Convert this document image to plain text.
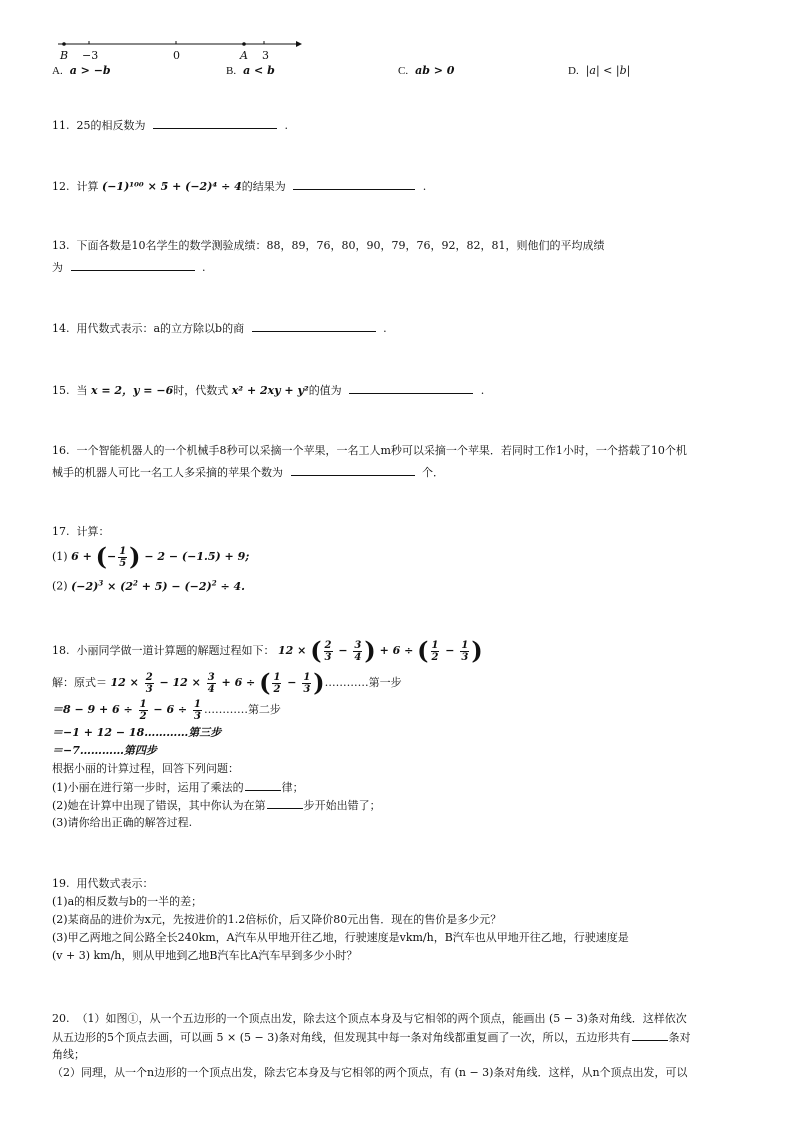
B −3	0	A 3
A. a > −b	B. a < b	C. ab > 0	D. |a| < |b|
11. 25的相反数为	.
12. 计算 (−1)¹⁰⁰ × 5 + (−2)⁴ ÷ 4的结果为	.
13. 下面各数是10名学生的数学测验成绩：88，89，76，80，90，79，76，92，82，81，则他们的平均成绩
为	.
14. 用代数式表示：a的立方除以b的商	.
15. 当 x = 2，y = −6时，代数式 x² + 2xy + y²的值为	.
16. 一个智能机器人的一个机械手8秒可以采摘一个苹果，一名工人m秒可以采摘一个苹果．若同时工作1小时，一个搭载了10个机
械手的机器人可比一名工人多采摘的苹果个数为	个．
17. 计算：
(1) 6 + (− $\frac{1}{5}$ ) − 2 − (−1.5) + 9;
(2) $(-2)^3 \times (2^2 + 5) - (-2)^2 \div 4$.
18. 小丽同学做一道计算题的解题过程如下： 12 × ( $\frac{2}{3} - \frac{3}{4}$ ) + 6 ÷ ( $\frac{1}{2} - \frac{1}{3}$ )
解：原式＝ $12 \times \frac{2}{3} - 12 \times \frac{3}{4} + 6$ ÷ ( $\frac{1}{2} - \frac{1}{3}$ )…………第一步
$=8 - 9 + 6 \div \frac{1}{2} - 6 \div \frac{1}{3}$ …………第二步
＝−1 + 12 − 18…………第三步
＝−7…………第四步
根据小丽的计算过程，回答下列问题：
(1)小丽在进行第一步时，运用了乘法的	律；
(2)她在计算中出现了错误，其中你认为在第	步开始出错了；
(3)请你给出正确的解答过程.
19. 用代数式表示：
(1)a的相反数与b的一半的差；
(2)某商品的进价为x元，先按进价的1.2倍标价，后又降价80元出售．现在的售价是多少元？
(3)甲乙两地之间公路全长240km，A汽车从甲地开往乙地，行驶速度是vkm/h，B汽车也从甲地开往乙地，行驶速度是
(v + 3) km/h，则从甲地到乙地B汽车比A汽车早到多少小时？
20. （1）如图①，从一个五边形的一个顶点出发，除去这个顶点本身及与它相邻的两个顶点，能画出 (5 − 3)条对角线．这样依次
从五边形的5个顶点去画，可以画 5 × (5 − 3)条对角线，但发现其中每一条对角线都重复画了一次，所以，五边形共有	条对
角线；
（2）同理，从一个n边形的一个顶点出发，除去它本身及与它相邻的两个顶点，有 (n − 3)条对角线．这样，从n个顶点出发，可以
